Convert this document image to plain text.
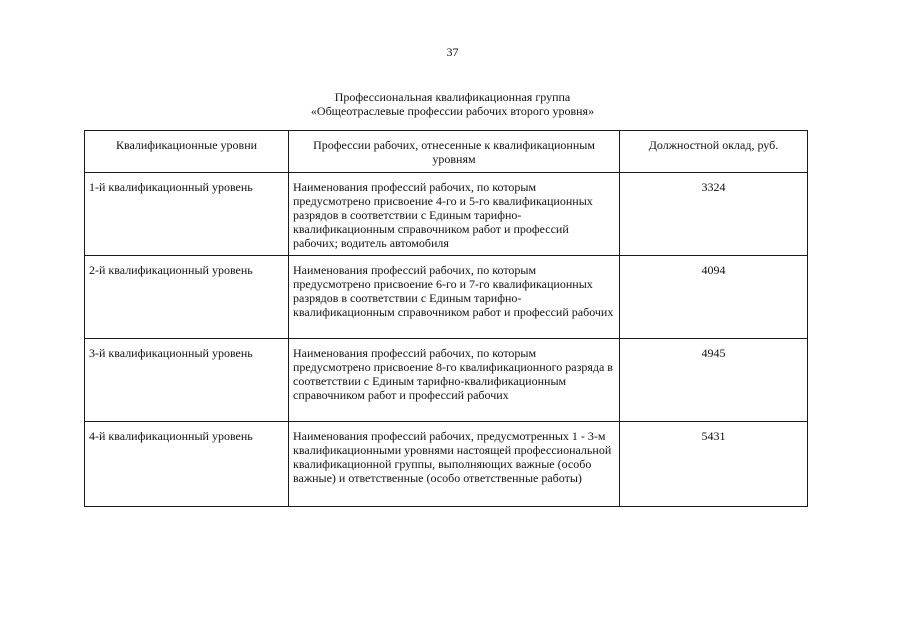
37
Профессиональная квалификационная группа
«Общеотраслевые профессии рабочих второго уровня»
Квалификационные уровни	Профессии рабочих, отнесенные к квалификационным уровням	Должностной оклад, руб.
1-й квалификационный уровень	Наименования профессий рабочих, по которым предусмотрено присвоение 4-го и 5-го квалификационных разрядов в соответствии с Единым тарифно-квалификационным справочником работ и профессий рабочих; водитель автомобиля	3324
2-й квалификационный уровень	Наименования профессий рабочих, по которым предусмотрено присвоение 6-го и 7-го квалификационных разрядов в соответствии с Единым тарифно-квалификационным справочником работ и профессий рабочих	4094
3-й квалификационный уровень	Наименования профессий рабочих, по которым предусмотрено присвоение 8-го квалификационного разряда в соответствии с Единым тарифно-квалификационным справочником работ и профессий рабочих	4945
4-й квалификационный уровень	Наименования профессий рабочих, предусмотренных 1 - 3-м квалификационными уровнями настоящей профессиональной квалификационной группы, выполняющих важные (особо важные) и ответственные (особо ответственные работы)	5431
